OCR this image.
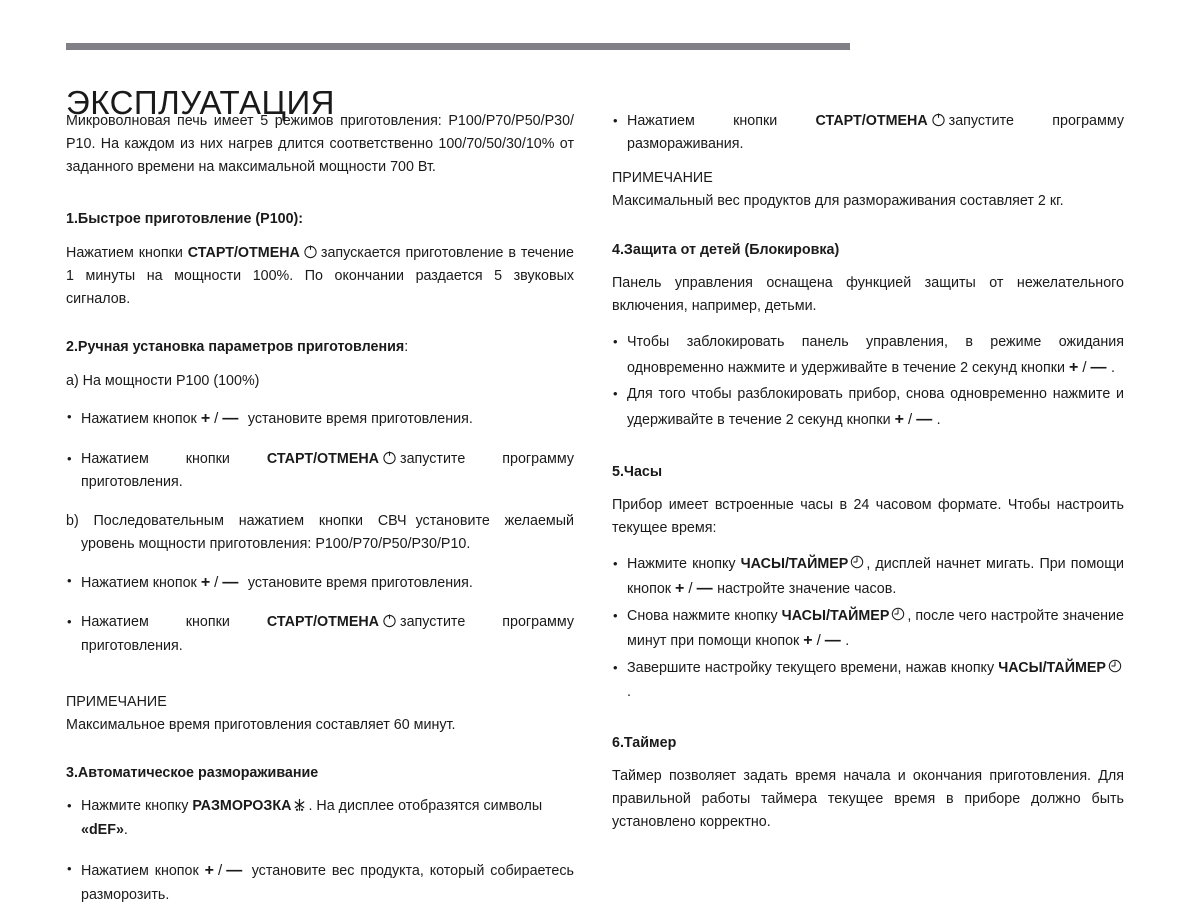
ЭКСПЛУАТАЦИЯ

Микроволновая печь имеет 5 режимов приготовления: Р100/Р70/Р50/Р30/Р10. На каждом из них нагрев длится соответственно 100/70/50/30/10% от заданного времени на максимальной мощности 700 Вт.

1.Быстрое приготовление (Р100):

Нажатием кнопки СТАРТ/ОТМЕНА запускается приготовление в течение 1 минуты на мощности 100%. По окончании раздается 5 звуковых сигналов.

2.Ручная установка параметров приготовления:
a) На мощности Р100 (100%)
• Нажатием кнопок + / — установите время приготовления.
• Нажатием кнопки	СТАРТ/ОТМЕНА запустите программу приготовления.
b) Последовательным нажатием кнопки СВЧ установите желаемый уровень мощности приготовления: Р100/Р70/Р50/Р30/Р10.
• Нажатием кнопок + / — установите время приготовления.
• Нажатием кнопки	СТАРТ/ОТМЕНА запустите программу приготовления.
ПРИМЕЧАНИЕ
Максимальное время приготовления составляет 60 минут.
3.Автоматическое размораживание
• Нажмите кнопку РАЗМОРОЗКА . На дисплее отобразятся символы «dEF».
• Нажатием кнопок + / — установите вес продукта, который собираетесь разморозить.
• Нажатием кнопки	СТАРТ/ОТМЕНА запустите программу размораживания.
ПРИМЕЧАНИЕ
Максимальный вес продуктов для размораживания составляет 2 кг.
4.Защита от детей (Блокировка)

Панель управления оснащена функцией защиты от нежелательного включения, например, детьми.

• Чтобы заблокировать панель управления, в режиме ожидания одновременно нажмите и удерживайте в течение 2 секунд кнопки + / — .
• Для того чтобы разблокировать прибор, снова одновременно нажмите и удерживайте в течение 2 секунд кнопки + / — .
5.Часы

Прибор имеет встроенные часы в 24 часовом формате. Чтобы настроить текущее время:

• Нажмите кнопку ЧАСЫ/ТАЙМЕР , дисплей начнет мигать. При помощи кнопок + / — настройте значение часов.
• Снова нажмите кнопку ЧАСЫ/ТАЙМЕР , после чего настройте значение минут при помощи кнопок + / — .
• Завершите настройку текущего времени, нажав кнопку ЧАСЫ/ТАЙМЕР
.
6.Таймер

Таймер позволяет задать время начала и окончания приготовления. Для правильной работы таймера текущее время в приборе должно быть установлено корректно.
